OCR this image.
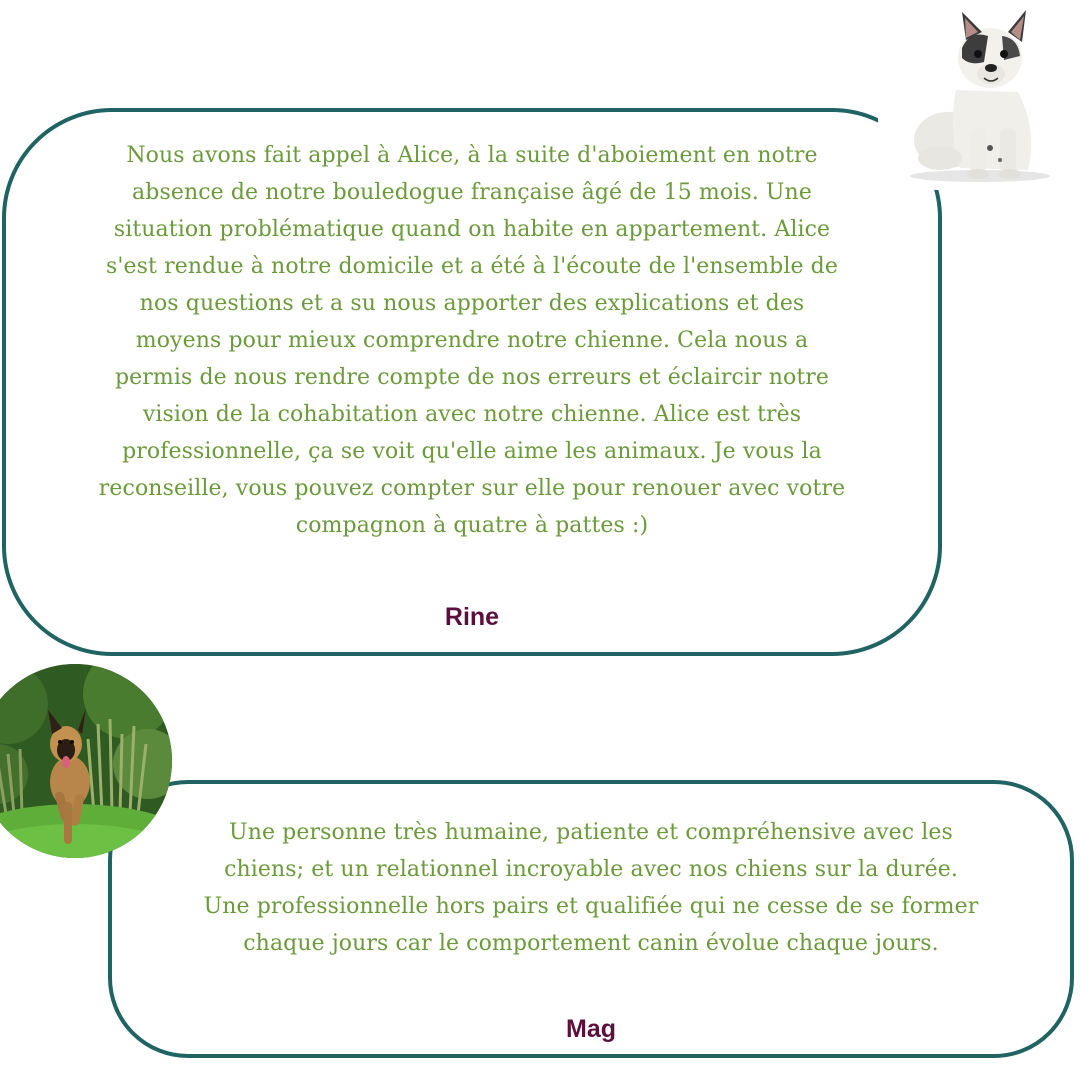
Nous avons fait appel à Alice, à la suite d'aboiement en notre
absence de notre bouledogue française âgé de 15 mois. Une
situation problématique quand on habite en appartement. Alice
s'est rendue à notre domicile et a été à l'écoute de l'ensemble de
nos questions et a su nous apporter des explications et des
moyens pour mieux comprendre notre chienne. Cela nous a
permis de nous rendre compte de nos erreurs et éclaircir notre
vision de la cohabitation avec notre chienne. Alice est très
professionnelle, ça se voit qu'elle aime les animaux. Je vous la
reconseille, vous pouvez compter sur elle pour renouer avec votre
compagnon à quatre à pattes :)

Rine

Une personne très humaine, patiente et compréhensive avec les
chiens; et un relationnel incroyable avec nos chiens sur la durée.
Une professionnelle hors pairs et qualifiée qui ne cesse de se former
chaque jours car le comportement canin évolue chaque jours.

Mag
